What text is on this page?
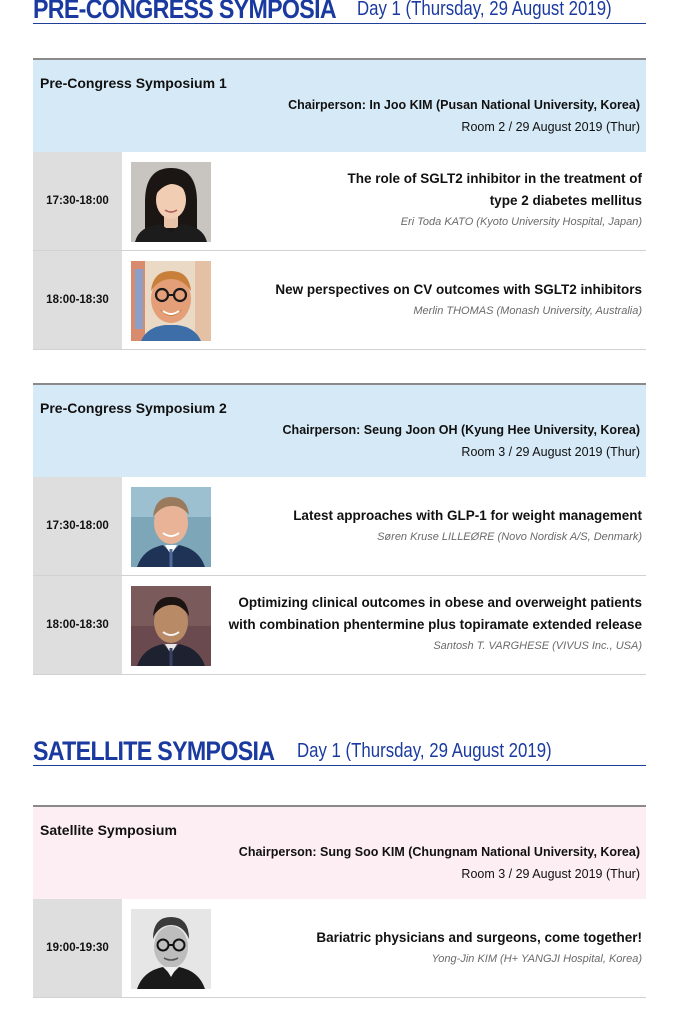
PRE-CONGRESS SYMPOSIA Day 1 (Thursday, 29 August 2019)
Pre-Congress Symposium 1
Chairperson: In Joo KIM (Pusan National University, Korea)
Room 2 / 29 August 2019 (Thur)
17:30-18:00
The role of SGLT2 inhibitor in the treatment of
type 2 diabetes mellitus
Eri Toda KATO (Kyoto University Hospital, Japan)
18:00-18:30
New perspectives on CV outcomes with SGLT2 inhibitors
Merlin THOMAS (Monash University, Australia)
Pre-Congress Symposium 2
Chairperson: Seung Joon OH (Kyung Hee University, Korea)
Room 3 / 29 August 2019 (Thur)
17:30-18:00
Latest approaches with GLP-1 for weight management
Søren Kruse LILLEØRE (Novo Nordisk A/S, Denmark)
18:00-18:30
Optimizing clinical outcomes in obese and overweight patients
with combination phentermine plus topiramate extended release
Santosh T. VARGHESE (VIVUS Inc., USA)
SATELLITE SYMPOSIA Day 1 (Thursday, 29 August 2019)
Satellite Symposium
Chairperson: Sung Soo KIM (Chungnam National University, Korea)
Room 3 / 29 August 2019 (Thur)
19:00-19:30
Bariatric physicians and surgeons, come together!
Yong-Jin KIM (H+ YANGJI Hospital, Korea)
